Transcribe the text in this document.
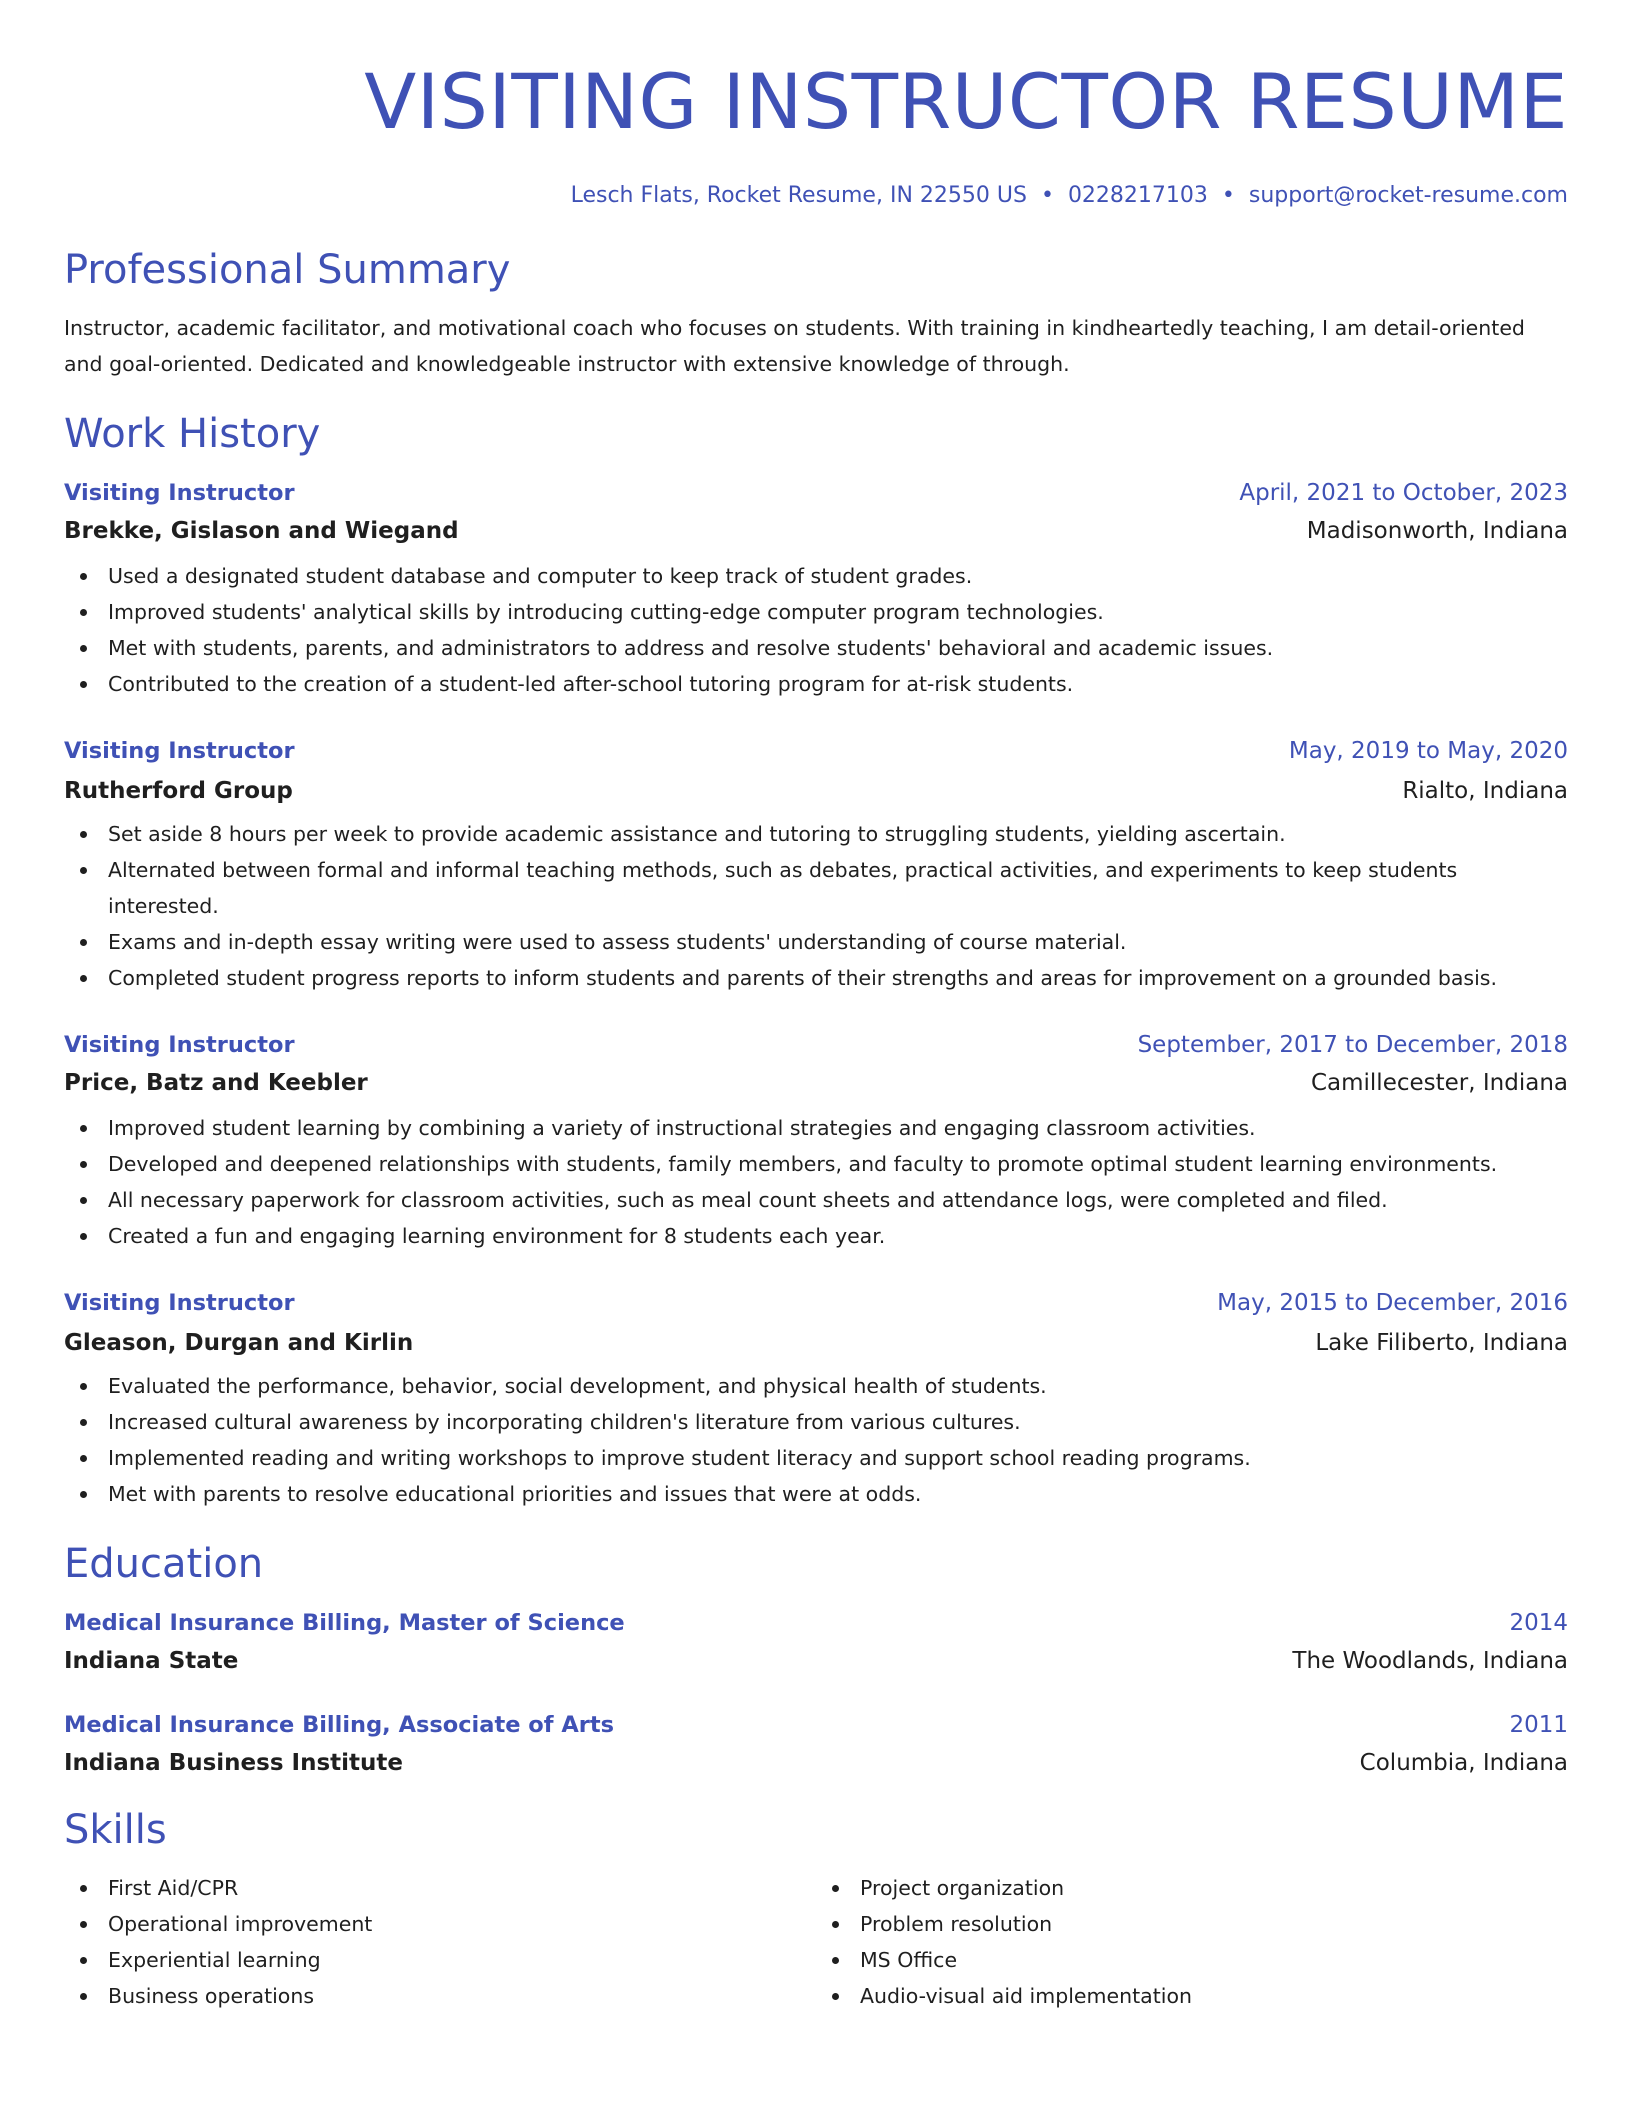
VISITING INSTRUCTOR RESUME
Lesch Flats, Rocket Resume, IN 22550 US • 0228217103 • support@rocket-resume.com
Professional Summary

Instructor, academic facilitator, and motivational coach who focuses on students. With training in kindheartedly teaching, I am detail-oriented and goal-oriented. Dedicated and knowledgeable instructor with extensive knowledge of through.

Work History
Visiting Instructor	April, 2021 to October, 2023
Brekke, Gislason and Wiegand	Madisonworth, Indiana
Used a designated student database and computer to keep track of student grades.
Improved students' analytical skills by introducing cutting-edge computer program technologies.
Met with students, parents, and administrators to address and resolve students' behavioral and academic issues.
Contributed to the creation of a student-led after-school tutoring program for at-risk students.
Visiting Instructor	May, 2019 to May, 2020
Rutherford Group	Rialto, Indiana
Set aside 8 hours per week to provide academic assistance and tutoring to struggling students, yielding ascertain.
Alternated between formal and informal teaching methods, such as debates, practical activities, and experiments to keep students interested.
Exams and in-depth essay writing were used to assess students' understanding of course material.
Completed student progress reports to inform students and parents of their strengths and areas for improvement on a grounded basis.
Visiting Instructor	September, 2017 to December, 2018
Price, Batz and Keebler	Camillecester, Indiana
Improved student learning by combining a variety of instructional strategies and engaging classroom activities.
Developed and deepened relationships with students, family members, and faculty to promote optimal student learning environments.
All necessary paperwork for classroom activities, such as meal count sheets and attendance logs, were completed and filed.
Created a fun and engaging learning environment for 8 students each year.
Visiting Instructor	May, 2015 to December, 2016
Gleason, Durgan and Kirlin	Lake Filiberto, Indiana
Evaluated the performance, behavior, social development, and physical health of students.
Increased cultural awareness by incorporating children's literature from various cultures.
Implemented reading and writing workshops to improve student literacy and support school reading programs.
Met with parents to resolve educational priorities and issues that were at odds.
Education
Medical Insurance Billing, Master of Science	2014
Indiana State	The Woodlands, Indiana
Medical Insurance Billing, Associate of Arts	2011
Indiana Business Institute	Columbia, Indiana
Skills
First Aid/CPR
Operational improvement
Experiential learning
Business operations
Project organization
Problem resolution
MS Office
Audio-visual aid implementation
